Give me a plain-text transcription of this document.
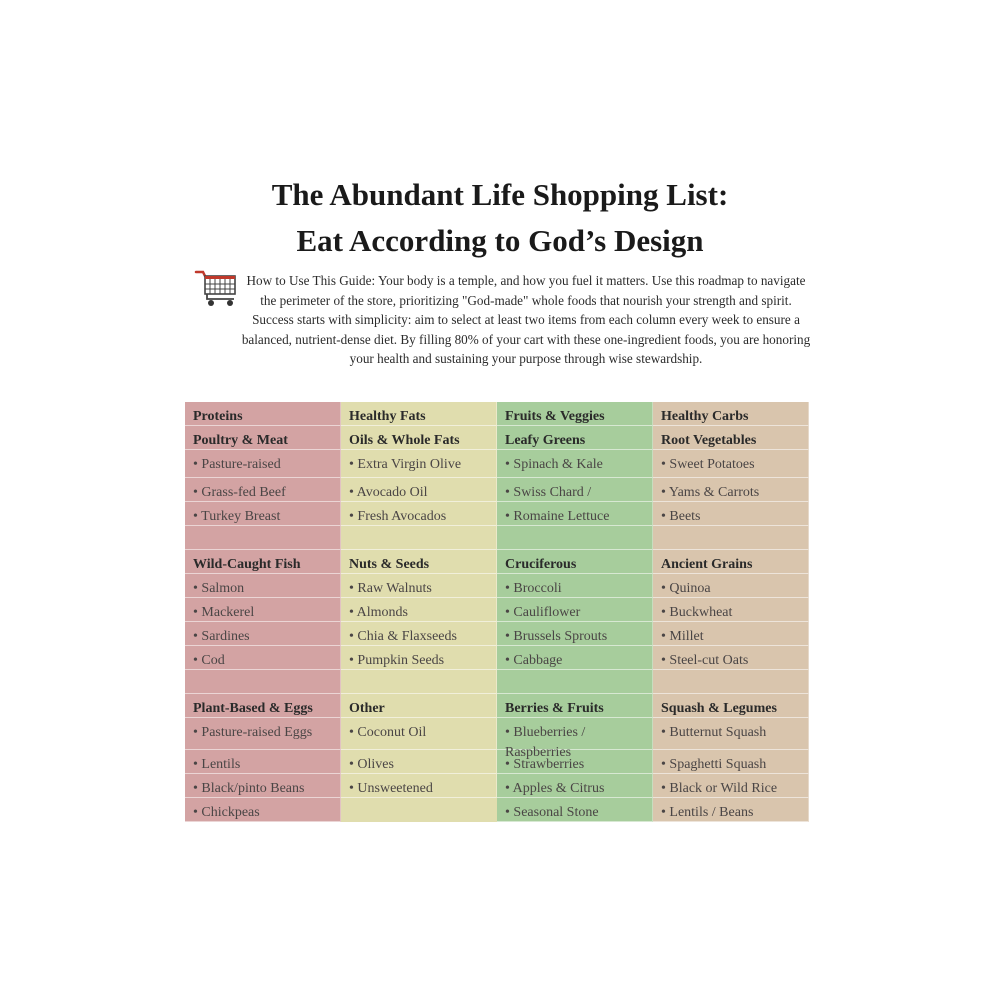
The Abundant Life Shopping List:
Eat According to God’s Design
How to Use This Guide: Your body is a temple, and how you fuel it matters. Use this roadmap to navigate the perimeter of the store, prioritizing "God-made" whole foods that nourish your strength and spirit. Success starts with simplicity: aim to select at least two items from each column every week to ensure a balanced, nutrient-dense diet. By filling 80% of your cart with these one-ingredient foods, you are honoring your health and sustaining your purpose through wise stewardship.
Proteins
Poultry & Meat
• Pasture-raised
• Grass-fed Beef
• Turkey Breast
Wild-Caught Fish
• Salmon
• Mackerel
• Sardines
• Cod
Plant-Based & Eggs
• Pasture-raised Eggs
• Lentils
• Black/pinto Beans
• Chickpeas
Healthy Fats
Oils & Whole Fats
• Extra Virgin Olive
• Avocado Oil
• Fresh Avocados
Nuts & Seeds
• Raw Walnuts
• Almonds
• Chia & Flaxseeds
• Pumpkin Seeds
Other
• Coconut Oil
• Olives
• Unsweetened
Fruits & Veggies
Leafy Greens
• Spinach & Kale
• Swiss Chard /
• Romaine Lettuce
Cruciferous
• Broccoli
• Cauliflower
• Brussels Sprouts
• Cabbage
Berries & Fruits
• Blueberries / Raspberries
• Strawberries
• Apples & Citrus
• Seasonal Stone
Healthy Carbs
Root Vegetables
• Sweet Potatoes
• Yams & Carrots
• Beets
Ancient Grains
• Quinoa
• Buckwheat
• Millet
• Steel-cut Oats
Squash & Legumes
• Butternut Squash
• Spaghetti Squash
• Black or Wild Rice
• Lentils / Beans
